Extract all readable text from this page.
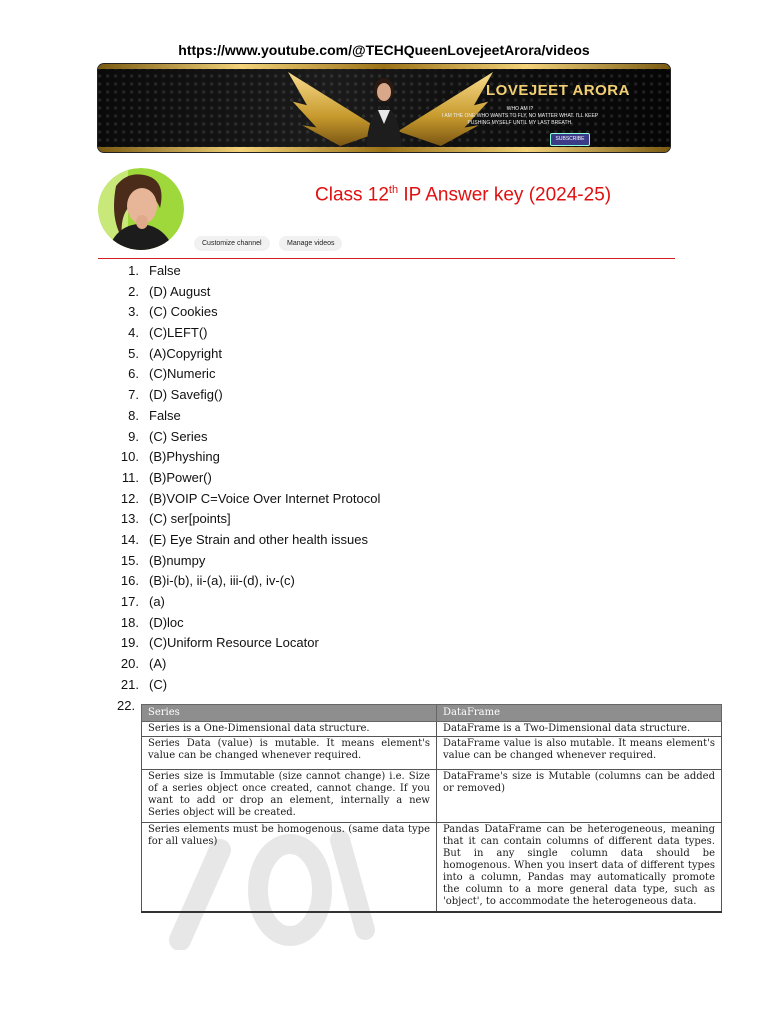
https://www.youtube.com/@TECHQueenLovejeetArora/videos
LOVEJEET ARORA
WHO AM I?
I AM THE ONE WHO WANTS TO FLY, NO MATTER WHAT. I'LL KEEP
PUSHING MYSELF UNTIL MY LAST BREATH.
SUBSCRIBE
Class 12th IP Answer key (2024-25)
Customize channel	Manage videos
1. False
2. (D) August
3. (C) Cookies
4. (C)LEFT()
5. (A)Copyright
6. (C)Numeric
7. (D) Savefig()
8. False
9. (C) Series
10. (B)Physhing
11. (B)Power()
12. (B)VOIP C=Voice Over Internet Protocol
13. (C) ser[points]
14. (E) Eye Strain and other health issues
15. (B)numpy
16. (B)i-(b), ii-(a), iii-(d), iv-(c)
17. (a)
18. (D)loc
19. (C)Uniform Resource Locator
20. (A)
21. (C)
22. Series	DataFrame
Series is a One-Dimensional data structure.	DataFrame is a Two-Dimensional data structure.
Series Data (value) is mutable. It means element's value can be changed whenever required.	DataFrame value is also mutable. It means element's value can be changed whenever required.
Series size is Immutable (size cannot change) i.e. Size of a series object once created, cannot change. If you want to add or drop an element, internally a new Series object will be created.	DataFrame's size is Mutable (columns can be added or removed)
Series elements must be homogenous. (same data type for all values)	Pandas DataFrame can be heterogeneous, meaning that it can contain columns of different data types. But in any single column data should be homogenous. When you insert data of different types into a column, Pandas may automatically promote the column to a more general data type, such as 'object', to accommodate the heterogeneous data.
